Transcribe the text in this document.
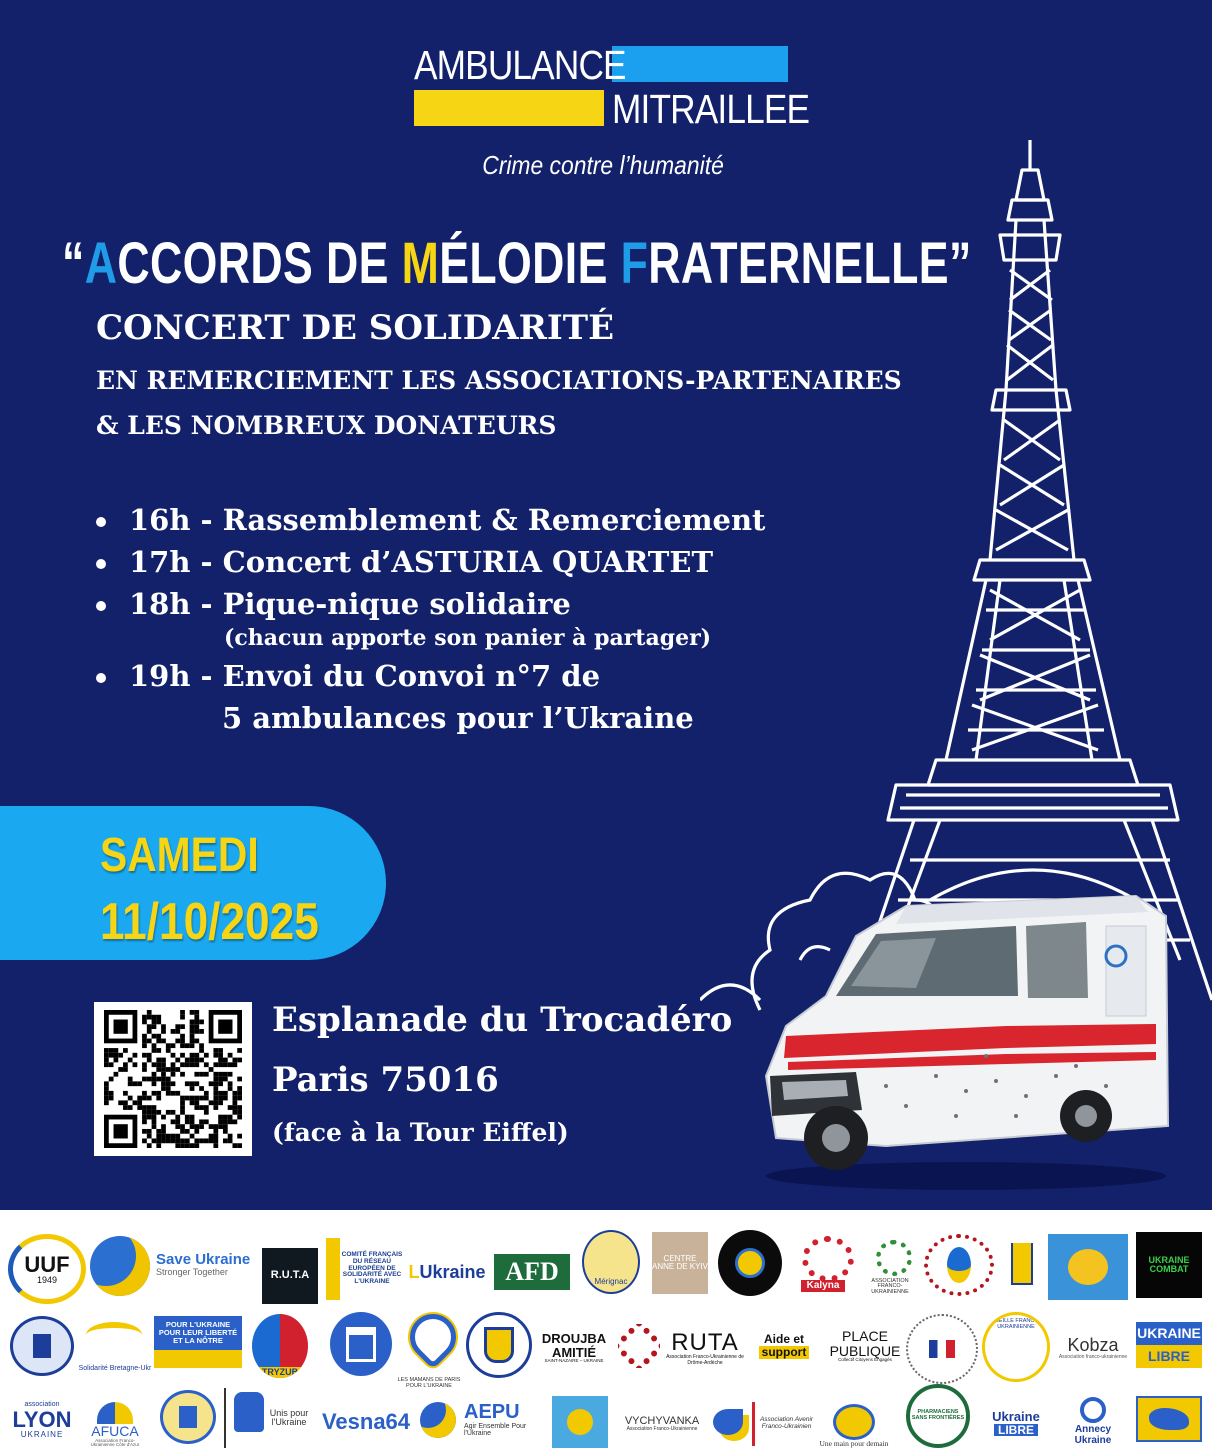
AMBULANCE
MITRAILLEE
Crime contre l’humanité
“ACCORDS DE MÉLODIE FRATERNELLE”
CONCERT DE SOLIDARITÉ
EN REMERCIEMENT LES ASSOCIATIONS-PARTENAIRES
& LES NOMBREUX DONATEURS
16h - Rassemblement & Remerciement
17h - Concert d’ASTURIA QUARTET
18h - Pique-nique solidaire
(chacun apporte son panier à partager)
19h - Envoi du Convoi n°7 de
5 ambulances pour l’Ukraine
SAMEDI
11/10/2025
Esplanade du Trocadéro
Paris 75016
(face à la Tour Eiffel)
UUF
1949
Save Ukraine
Stronger Together	R.U.T.A
COMITÉ FRANÇAIS DU RÉSEAU EUROPÉEN DE SOLIDARITÉ AVEC L'UKRAINE
L Ukraine AFD	Mérignac
CENTRE ANNE DE KYIV
Kalyna	ASSOCIATION FRANCO-UKRAINIENNE
UKRAINE COMBAT
Solidarité Bretagne-Ukr
POUR L'UKRAINE POUR LEUR LIBERTÉ ET LA NÔTRE
TRYZUB
LES MAMANS DE PARIS POUR L'UKRAINE
DROUJBA
AMITIÉ
SAINT-NAZAIRE – UKRAINE
RUTA
Association Franco-Ukrainienne de Drôme-Ardèche
Aide et
support
PLACE
PUBLIQUE
Collectif Citoyens Engagés
ABEILLE FRANCO-UKRAINIENNE
Kobza
Association franco-ukrainienne
UKRAINE
LIBRE
association
LYON
UKRAINE AFUCA
Association Franco-Ukrainienne Côte d'Azur
Unis pour l'Ukraine Vesna64	AEPU
Agir Ensemble Pour l'Ukraine
VYCHYVANKA
Association Franco-Ukrainienne
Association Avenir Franco-Ukrainien
Une main pour demain
PHARMACIENS SANS FRONTIÈRES Ukraine
LIBRE	Annecy
Ukraine
